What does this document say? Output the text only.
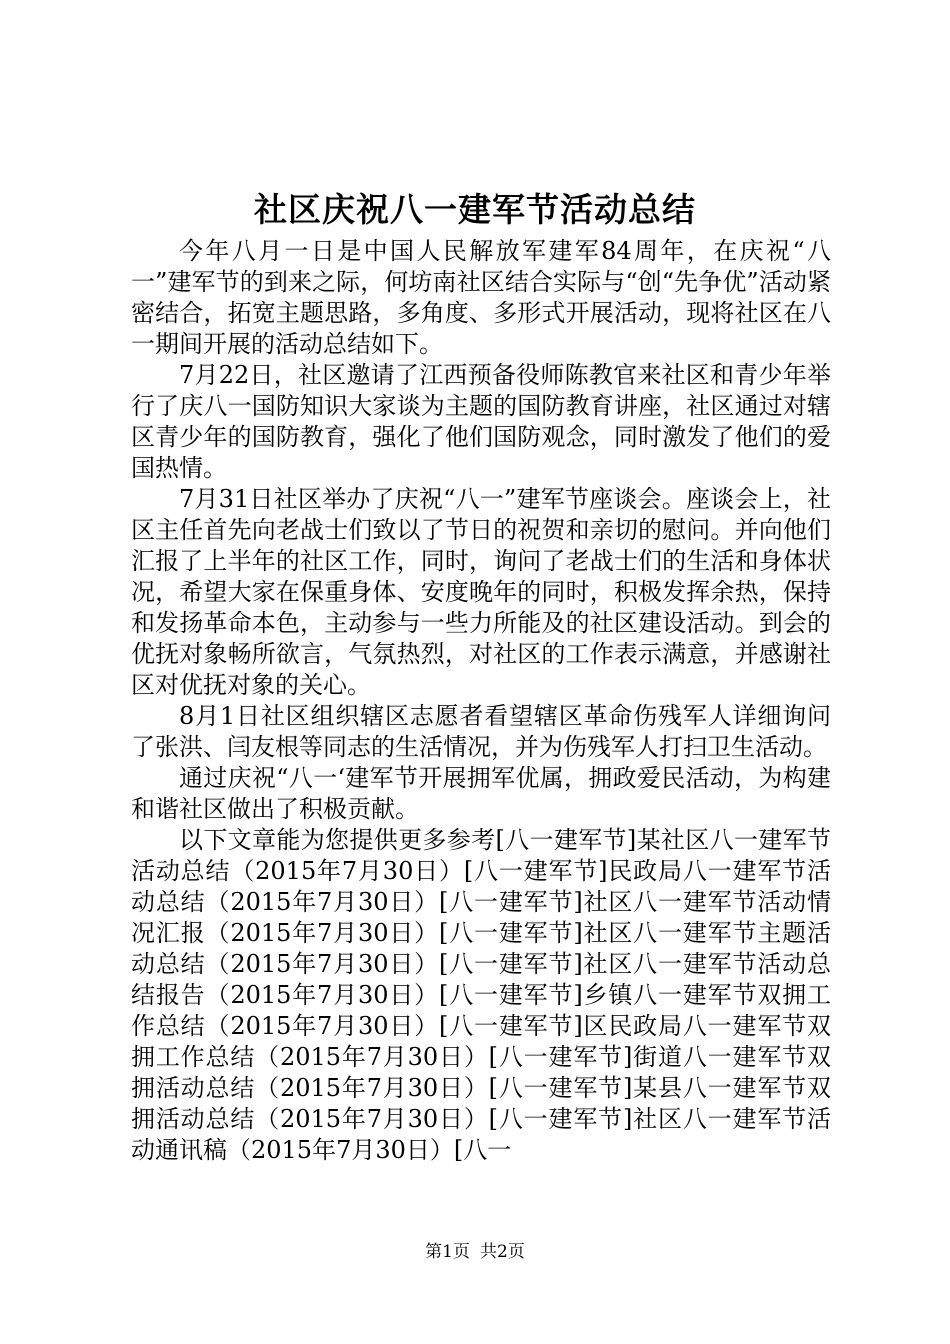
社区庆祝八一建军节活动总结

今年八月一日是中国人民解放军建军84周年，在庆祝“八一”建军节的到来之际，何坊南社区结合实际与“创“先争优”活动紧密结合，拓宽主题思路，多角度、多形式开展活动，现将社区在八一期间开展的活动总结如下。

7月22日，社区邀请了江西预备役师陈教官来社区和青少年举行了庆八一国防知识大家谈为主题的国防教育讲座，社区通过对辖区青少年的国防教育，强化了他们国防观念，同时激发了他们的爱国热情。

7月31日社区举办了庆祝“八一”建军节座谈会。座谈会上，社区主任首先向老战士们致以了节日的祝贺和亲切的慰问。并向他们汇报了上半年的社区工作，同时，询问了老战士们的生活和身体状况，希望大家在保重身体、安度晚年的同时，积极发挥余热，保持和发扬革命本色，主动参与一些力所能及的社区建设活动。到会的优抚对象畅所欲言，气氛热烈，对社区的工作表示满意，并感谢社区对优抚对象的关心。

8月1日社区组织辖区志愿者看望辖区革命伤残军人详细询问了张洪、闫友根等同志的生活情况，并为伤残军人打扫卫生活动。

通过庆祝“八一‘建军节开展拥军优属，拥政爱民活动，为构建和谐社区做出了积极贡献。

以下文章能为您提供更多参考[八一建军节]某社区八一建军节活动总结（2015年7月30日）[八一建军节]民政局八一建军节活动总结（2015年7月30日）[八一建军节]社区八一建军节活动情况汇报（2015年7月30日）[八一建军节]社区八一建军节主题活动总结（2015年7月30日）[八一建军节]社区八一建军节活动总结报告（2015年7月30日）[八一建军节]乡镇八一建军节双拥工作总结（2015年7月30日）[八一建军节]区民政局八一建军节双拥工作总结（2015年7月30日）[八一建军节]街道八一建军节双拥活动总结（2015年7月30日）[八一建军节]某县八一建军节双拥活动总结（2015年7月30日）[八一建军节]社区八一建军节活动通讯稿（2015年7月30日）[八一

第1页 共2页
